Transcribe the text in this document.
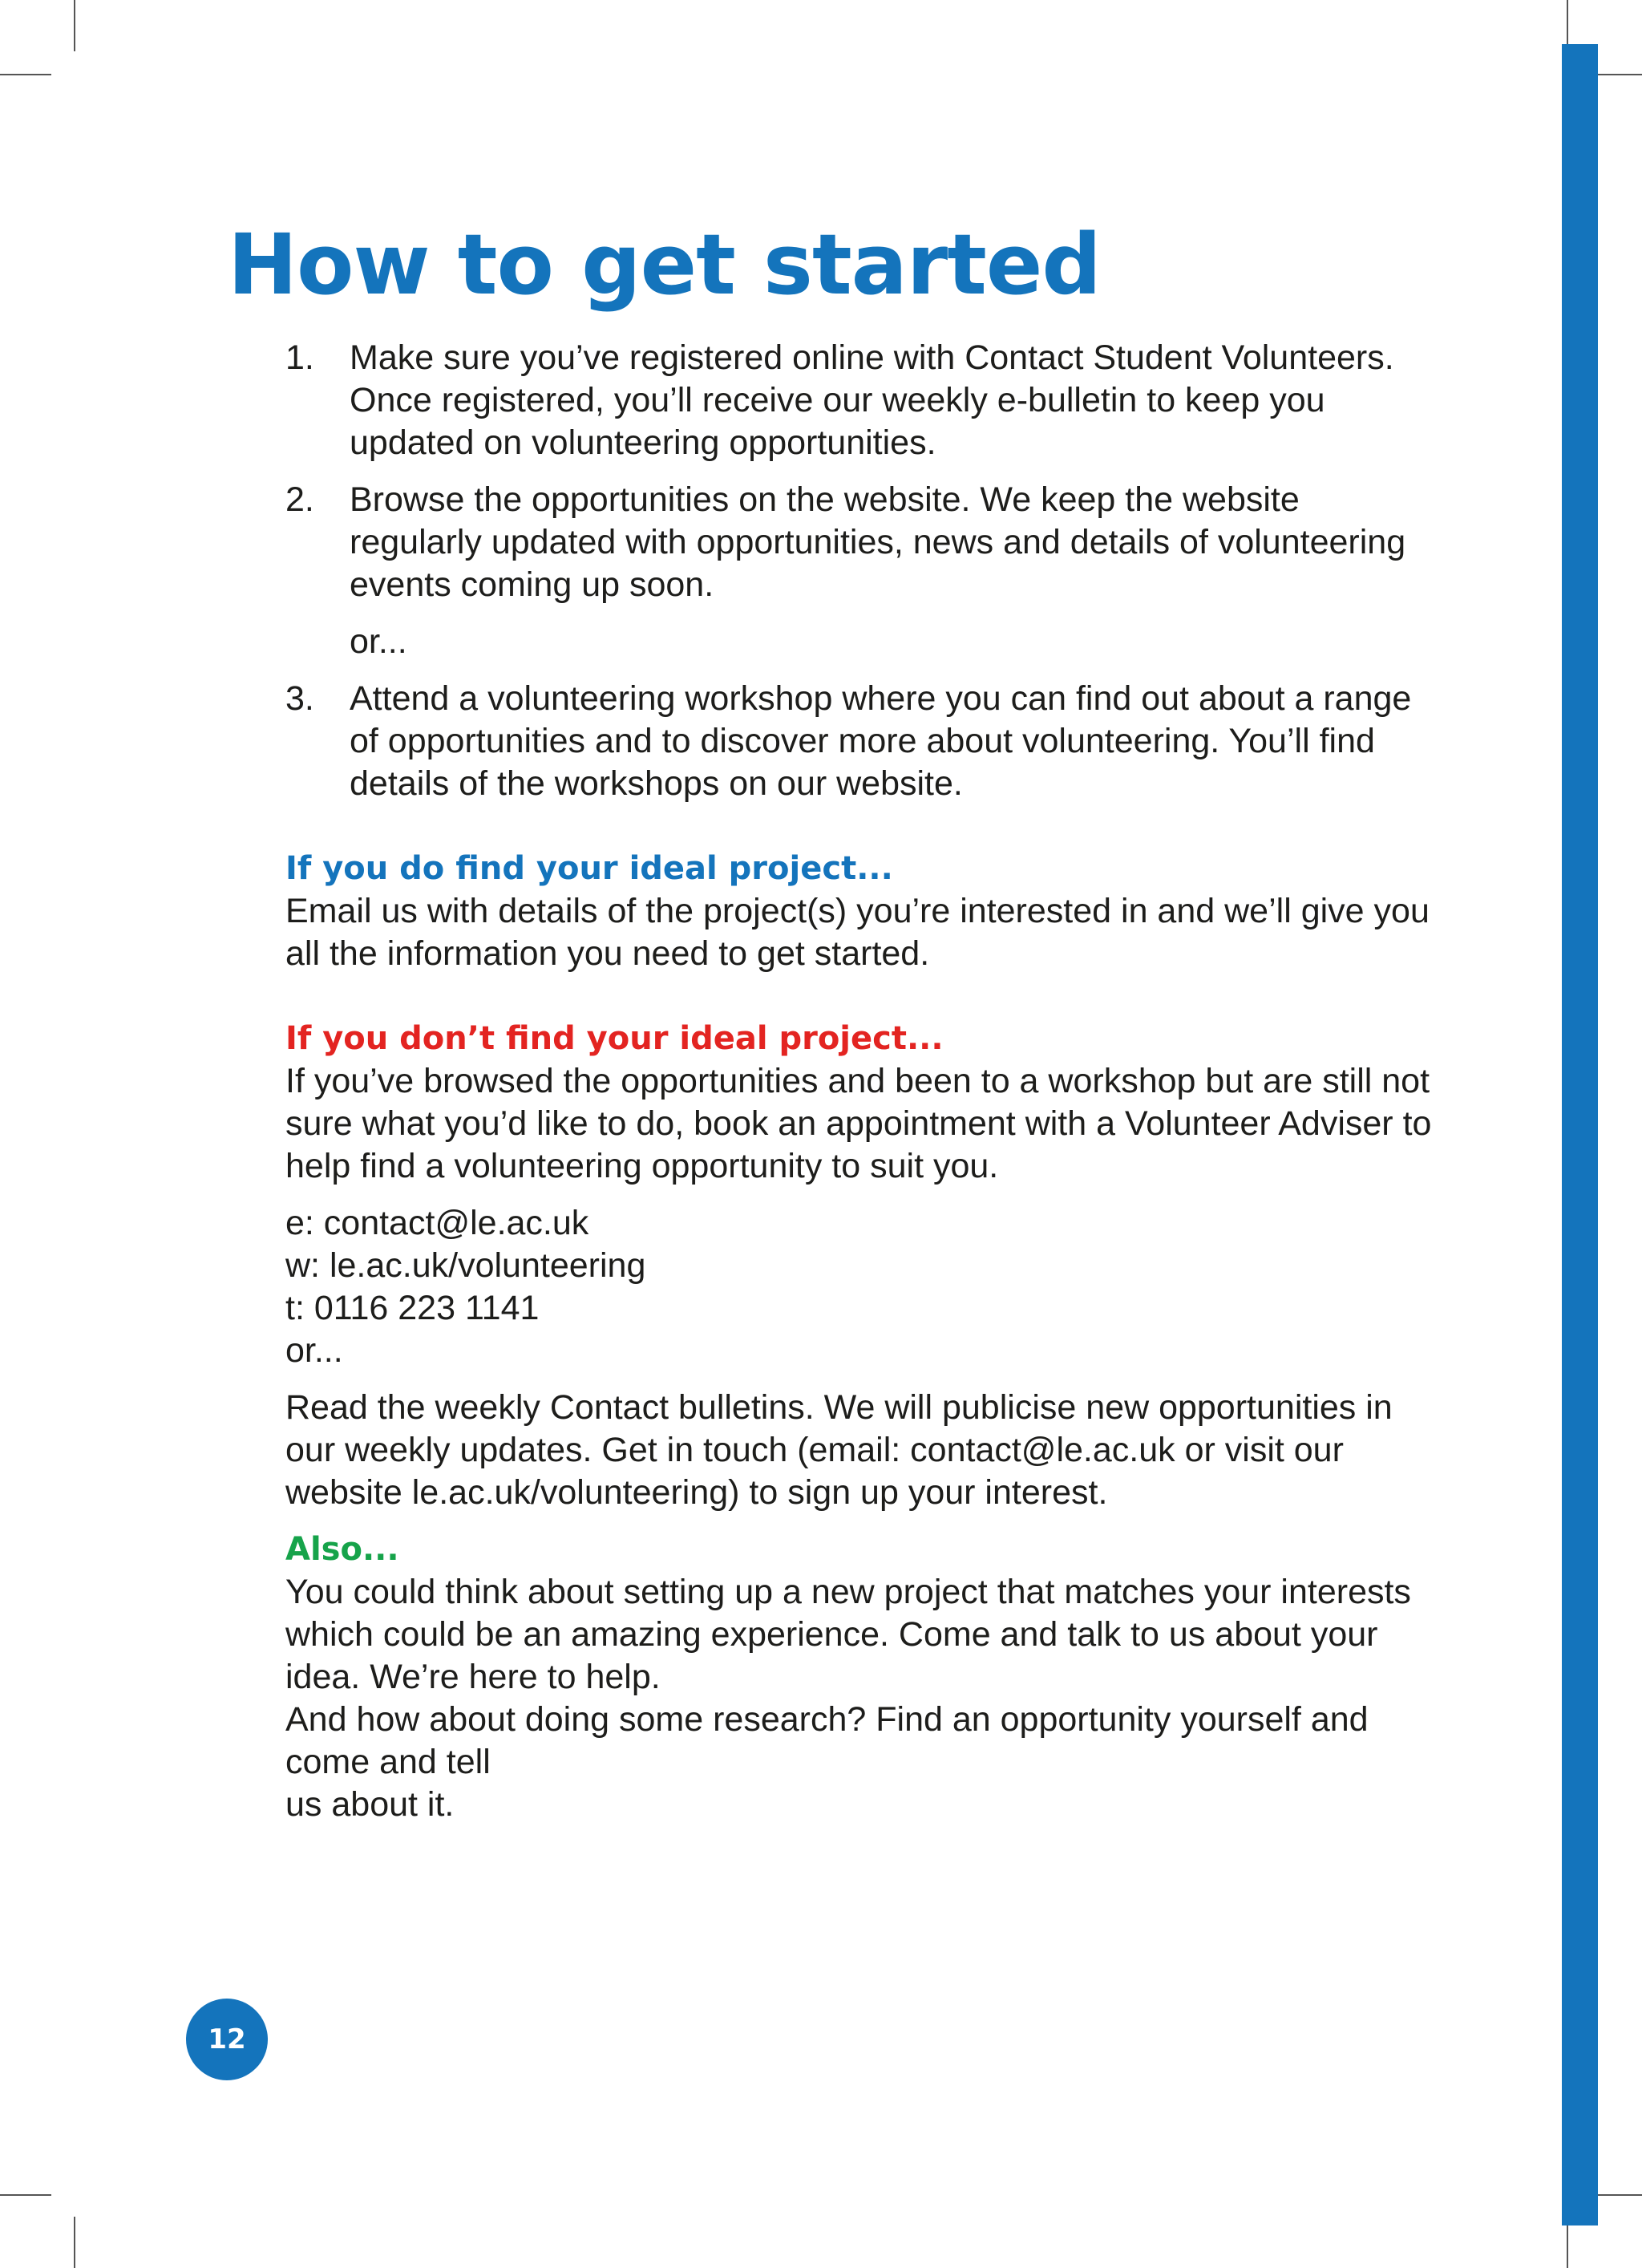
How to get started
1. Make sure you’ve registered online with Contact Student Volunteers. Once registered, you’ll receive our weekly e-bulletin to keep you updated on volunteering opportunities.
2. Browse the opportunities on the website. We keep the website regularly updated with opportunities, news and details of volunteering events coming up soon.

or...

3. Attend a volunteering workshop where you can find out about a range of opportunities and to discover more about volunteering. You’ll find details of the workshops on our website.

If you do find your ideal project...

Email us with details of the project(s) you’re interested in and we’ll give you all the information you need to get started.

If you don’t find your ideal project...

If you’ve browsed the opportunities and been to a workshop but are still not sure what you’d like to do, book an appointment with a Volunteer Adviser to help find a volunteering opportunity to suit you.

e: contact@le.ac.uk

w: le.ac.uk/volunteering

t: 0116 223 1141

or...

Read the weekly Contact bulletins. We will publicise new opportunities in our weekly updates. Get in touch (email: contact@le.ac.uk or visit our website le.ac.uk/volunteering) to sign up your interest.

Also...

You could think about setting up a new project that matches your interests which could be an amazing experience. Come and talk to us about your idea. We’re here to help.

And how about doing some research? Find an opportunity yourself and come and tell

us about it.

12
